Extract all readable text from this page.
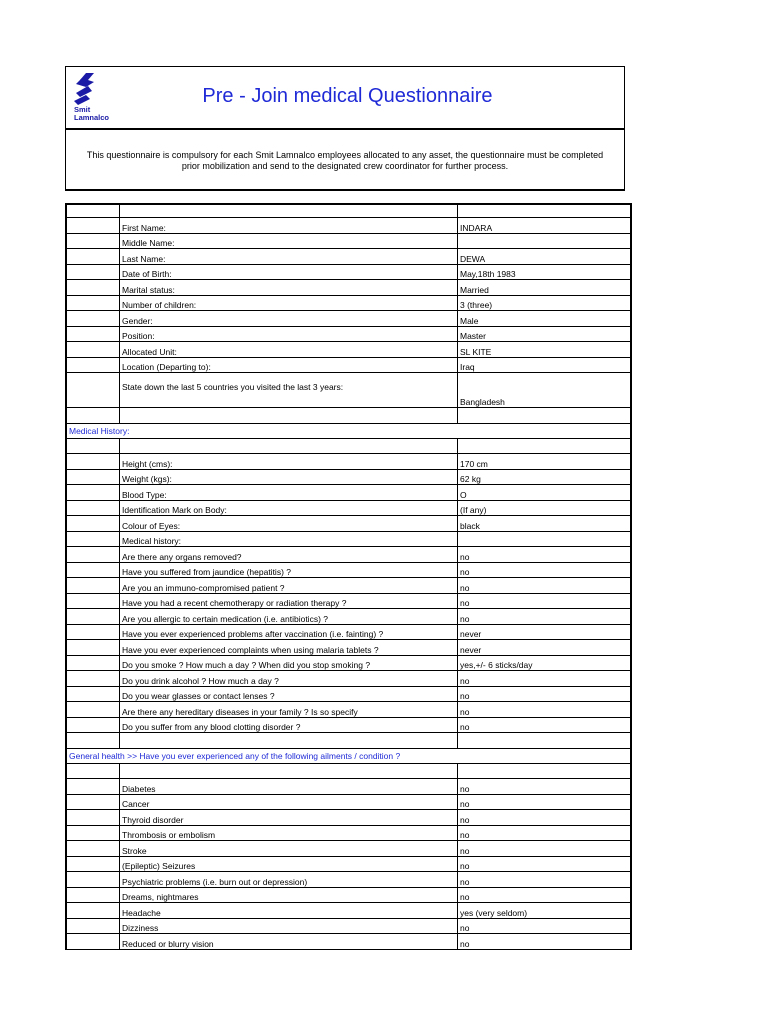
Smit
Lamnalco
Pre - Join medical Questionnaire
This questionnaire is compulsory for each Smit Lamnalco employees allocated to any asset, the questionnaire must be completed prior mobilization and send to the designated crew coordinator for further process.

	First Name:	INDARA
	Middle Name:	
	Last Name:	DEWA
	Date of Birth:	May,18th 1983
	Marital status:	Married
	Number of children:	3 (three)
	Gender:	Male
	Position:	Master
	Allocated Unit:	SL KITE
	Location (Departing to):	Iraq
	State down the last 5 countries you visited the last 3 years:	Bangladesh

Medical History:		

	Height (cms):	170 cm
	Weight (kgs):	62 kg
	Blood Type:	O
	Identification Mark on Body:	(If any)
	Colour of Eyes:	black
	Medical history:	
	Are there any organs removed?	no
	Have you suffered from jaundice (hepatitis) ?	no
	Are you an immuno-compromised patient ?	no
	Have you had a recent chemotherapy or radiation therapy ?	no
	Are you allergic to certain medication (i.e. antibiotics) ?	no
	Have you ever experienced problems after vaccination (i.e. fainting) ?	never
	Have you ever experienced complaints when using malaria tablets ?	never
	Do you smoke ? How much a day ? When did you stop smoking ?	yes,+/- 6 sticks/day
	Do you drink alcohol ? How much a day ?	no
	Do you wear glasses or contact lenses ?	no
	Are there any hereditary diseases in your family ? Is so specify	no
	Do you suffer from any blood clotting disorder ?	no

General health >> Have you ever experienced any of the following ailments / condition ?		

	Diabetes	no
	Cancer	no
	Thyroid disorder	no
	Thrombosis or embolism	no
	Stroke	no
	(Epileptic) Seizures	no
	Psychiatric problems (i.e. burn out or depression)	no
	Dreams, nightmares	no
	Headache	yes (very seldom)
	Dizziness	no
	Reduced or blurry vision	no
